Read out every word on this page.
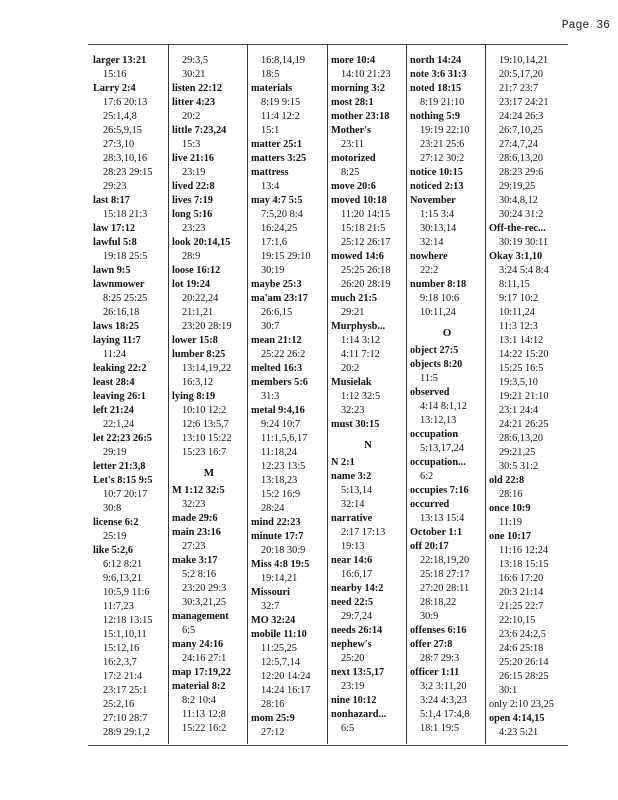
Page 36
larger 13:21
15:16
Larry 2:4
17:6 20:13
25:1,4,8
26:5,9,15
27:3,10
28:3,10,16
28:23 29:15
29:23
last 8:17
15:18 21:3
law 17:12
lawful 5:8
19:18 25:5
lawn 9:5
lawnmower
8:25 25:25
26:16,18
laws 18:25
laying 11:7
11:24
leaking 22:2
least 28:4
leaving 26:1
left 21:24
22:1,24
let 22:23 26:5
29:19
letter 21:3,8
Let's 8:15 9:5
10:7 20:17
30:8
license 6:2
25:19
like 5:2,6
6:12 8:21
9:6,13,21
10:5,9 11:6
11:7,23
12:18 13:15
15:1,10,11
15:12,16
16:2,3,7
17:2 21:4
23:17 25:1
25:2,16
27:10 28:7
28:9 29:1,2
29:3,5
30:21
listen 22:12
litter 4:23
20:2
little 7:23,24
15:3
live 21:16
23:19
lived 22:8
lives 7:19
long 5:16
23:23
look 20:14,15
28:9
loose 16:12
lot 19:24
20:22,24
21:1,21
23:20 28:19
lower 15:8
lumber 8:25
13:14,19,22
16:3,12
lying 8:19
10:10 12:2
12:6 13:5,7
13:10 15:22
15:23 16:7
M
M 1:12 32:5
32:23
made 29:6
main 23:16
27:23
make 3:17
5:2 8:16
23:20 29:3
30:3,21,25
management
6:5
many 24:16
24:16 27:1
map 17:19,22
material 8:2
8:2 10:4
11:13 12:8
15:22 16:2
16:8,14,19
18:5
materials
8:19 9:15
11:4 12:2
15:1
matter 25:1
matters 3:25
mattress
13:4
may 4:7 5:5
7:5,20 8:4
16:24,25
17:1,6
19:15 29:10
30:19
maybe 25:3
ma'am 23:17
26:6,15
30:7
mean 21:12
25:22 26:2
melted 16:3
members 5:6
31:3
metal 9:4,16
9:24 10:7
11:1,5,6,17
11:18,24
12:23 13:5
13:18,23
15:2 16:9
28:24
mind 22:23
minute 17:7
20:18 30:9
Miss 4:8 19:5
19:14,21
Missouri
32:7
MO 32:24
mobile 11:10
11:25,25
12:5,7,14
12:20 14:24
14:24 16:17
28:16
mom 25:9
27:12
more 10:4
14:10 21:23
morning 3:2
most 28:1
mother 23:18
Mother's
23:11
motorized
8:25
move 20:6
moved 10:18
11:20 14:15
15:18 21:5
25:12 26:17
mowed 14:6
25:25 26:18
26:20 28:19
much 21:5
29:21
Murphysb...
1:14 3:12
4:11 7:12
20:2
Musielak
1:12 32:5
32:23
must 30:15
N
N 2:1
name 3:2
5:13,14
32:14
narrative
2:17 17:13
19:13
near 14:6
16:6,17
nearby 14:2
need 22:5
29:7,24
needs 26:14
nephew's
25:20
next 13:5,17
23:19
nine 10:12
nonhazard...
6:5
north 14:24
note 3:6 31:3
noted 18:15
8:19 21:10
nothing 5:9
19:19 22:10
23:21 25:6
27:12 30:2
notice 10:15
noticed 2:13
November
1:15 3:4
30:13,14
32:14
nowhere
22:2
number 8:18
9:18 10:6
10:11,24
O
object 27:5
objects 8:20
11:5
observed
4:14 8:1,12
13:12,13
occupation
5:13,17,24
occupation...
6:2
occupies 7:16
occurred
13:13 15:4
October 1:1
off 20:17
22:18,19,20
25:18 27:17
27:20 28:11
28:18,22
30:9
offenses 6:16
offer 27:8
28:7 29:3
officer 1:11
3:2 3:11,20
3:24 4:3,23
5:1,4 17:4,8
18:1 19:5
19:10,14,21
20:5,17,20
21:7 23:7
23:17 24:21
24:24 26:3
26:7,10,25
27:4,7,24
28:6,13,20
28:23 29:6
29:19,25
30:4,8,12
30:24 31:2
Off-the-rec...
30:19 30:11
Okay 3:1,10
3:24 5:4 8:4
8:11,15
9:17 10:2
10:11,24
11:3 12:3
13:1 14:12
14:22 15:20
15:25 16:5
19:3,5,10
19:21 21:10
23:1 24:4
24:21 26:25
28:6,13,20
29:21,25
30:5 31:2
old 22:8
28:16
once 10:9
11:19
one 10:17
11:16 12:24
13:18 15:15
16:6 17:20
20:3 21:14
21:25 22:7
22:10,15
23:6 24:2,5
24:6 25:18
25:20 26:14
26:15 28:25
30:1
only 2:10 23,25
open 4:14,15
4:23 5:21
